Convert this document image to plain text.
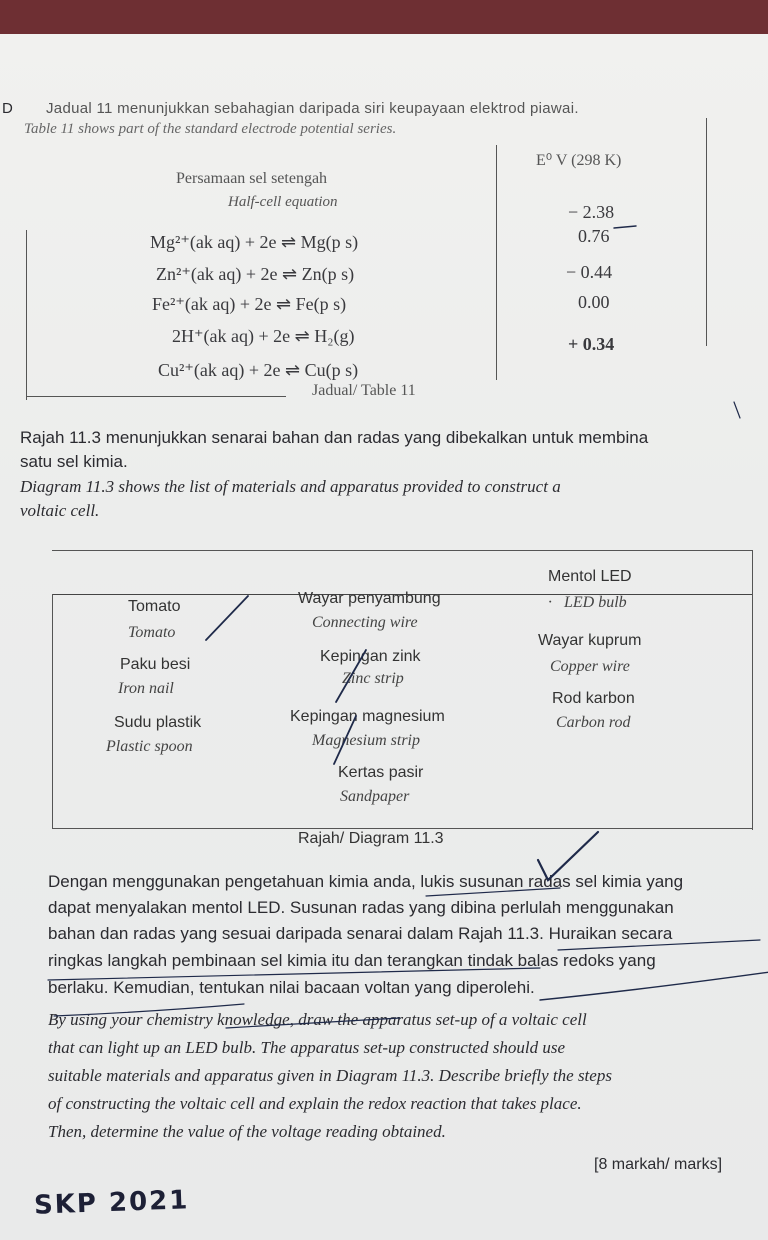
D Jadual 11 menunjukkan sebahagian daripada siri keupayaan elektrod piawai.
Table 11 shows part of the standard electrode potential series.
Persamaan sel setengah
Half-cell equation
E⁰ V (298 K)
Mg²⁺(ak aq) + 2e ⇌ Mg(p s)
− 2.38
Zn²⁺(ak aq) + 2e ⇌ Zn(p s)
0.76
Fe²⁺(ak aq) + 2e ⇌ Fe(p s)
− 0.44
2H⁺(ak aq) + 2e ⇌ H₂(g)
0.00
Cu²⁺(ak aq) + 2e ⇌ Cu(p s)
+ 0.34
Jadual/ Table 11
Rajah 11.3 menunjukkan senarai bahan dan radas yang dibekalkan untuk membina
satu sel kimia.
Diagram 11.3 shows the list of materials and apparatus provided to construct a
voltaic cell.
Tomato
Tomato
Wayar penyambung
Connecting wire
Mentol LED
· LED bulb
Paku besi
Iron nail
Kepingan zink
Zinc strip
Wayar kuprum
Copper wire
Sudu plastik
Plastic spoon
Kepingan magnesium
Magnesium strip
Rod karbon
Carbon rod
Kertas pasir
Sandpaper
Rajah/ Diagram 11.3
Dengan menggunakan pengetahuan kimia anda, lukis susunan radas sel kimia yang
dapat menyalakan mentol LED. Susunan radas yang dibina perlulah menggunakan
bahan dan radas yang sesuai daripada senarai dalam Rajah 11.3. Huraikan secara
ringkas langkah pembinaan sel kimia itu dan terangkan tindak balas redoks yang
berlaku. Kemudian, tentukan nilai bacaan voltan yang diperolehi.
By using your chemistry knowledge, draw the apparatus set-up of a voltaic cell
that can light up an LED bulb. The apparatus set-up constructed should use
suitable materials and apparatus given in Diagram 11.3. Describe briefly the steps
of constructing the voltaic cell and explain the redox reaction that takes place.
Then, determine the value of the voltage reading obtained.
[8 markah/ marks]
SKP 2021
